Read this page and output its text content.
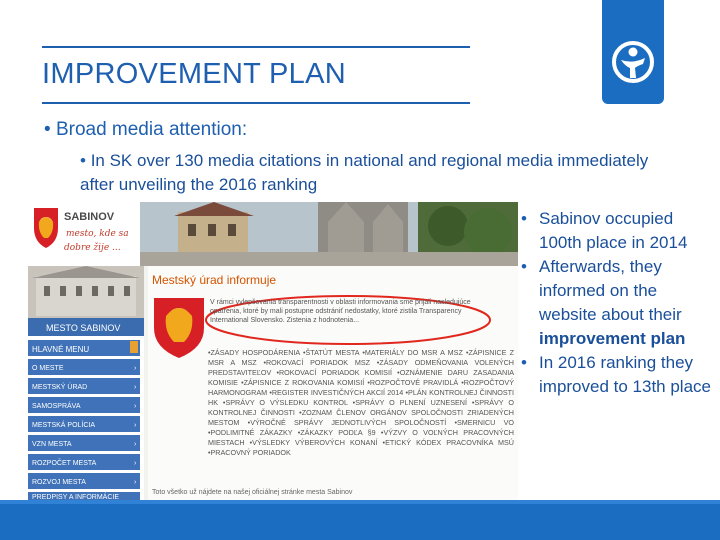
IMPROVEMENT PLAN
• Broad media attention:
• In SK over 130 media citations in national and regional media immediately after unveiling the 2016 ranking
SABINOV
mesto, kde sa
dobre žije ...
MESTO SABINOV
HLAVNÉ MENU
O MESTE
MESTSKÝ ÚRAD
SAMOSPRÁVA
MESTSKÁ POLÍCIA
VZN MESTA
ROZPOČET MESTA
ROZVOJ MESTA
PREDPISY A INFORMÁCIE
›
›
›
›
›
›
›
Mestský úrad informuje
V rámci vylepšovania transparentnosti v oblasti informovania sme prijali nasledujúce opatrenia, ktoré by mali postupne odstrániť nedostatky, ktoré zistila Transparency International Slovensko. Zistenia z hodnotenia...
•ZÁSADY HOSPODÁRENIA •ŠTATÚT MESTA •MATERIÁLY DO MSR A MSZ •ZÁPISNICE Z MSR A MSZ •ROKOVACÍ PORIADOK MSZ •ZÁSADY ODMEŇOVANIA VOLENÝCH PREDSTAVITEĽOV •ROKOVACÍ PORIADOK KOMISIÍ •OZNÁMENIE DARU ZASADANIA KOMISIE •ZÁPISNICE Z ROKOVANIA KOMISIÍ •ROZPOČTOVÉ PRAVIDLÁ •ROZPOČTOVÝ HARMONOGRAM •REGISTER INVESTIČNÝCH AKCIÍ 2014 •PLÁN KONTROLNEJ ČINNOSTI HK •SPRÁVY O VÝSLEDKU KONTROL •SPRÁVY O PLNENÍ UZNESENÍ •SPRÁVY O KONTROLNEJ ČINNOSTI •ZOZNAM ČLENOV ORGÁNOV SPOLOČNOSTI ZRIADENÝCH MESTOM •VÝROČNÉ SPRÁVY JEDNOTLIVÝCH SPOLOČNOSTÍ •SMERNICU VO •PODLIMITNÉ ZÁKAZKY •ZÁKAZKY PODĽA §9 •VÝZVY O VOĽNÝCH PRACOVNÝCH MIESTACH •VÝSLEDKY VÝBEROVÝCH KONANÍ •ETICKÝ KÓDEX PRACOVNÍKA MSÚ •PRACOVNÝ PORIADOK
Toto všetko už nájdete na našej oficiálnej stránke mesta Sabinov
• Sabinov occupied 100th place in 2014
• Afterwards, they informed on the website about their improvement plan
• In 2016 ranking they improved to 13th place
